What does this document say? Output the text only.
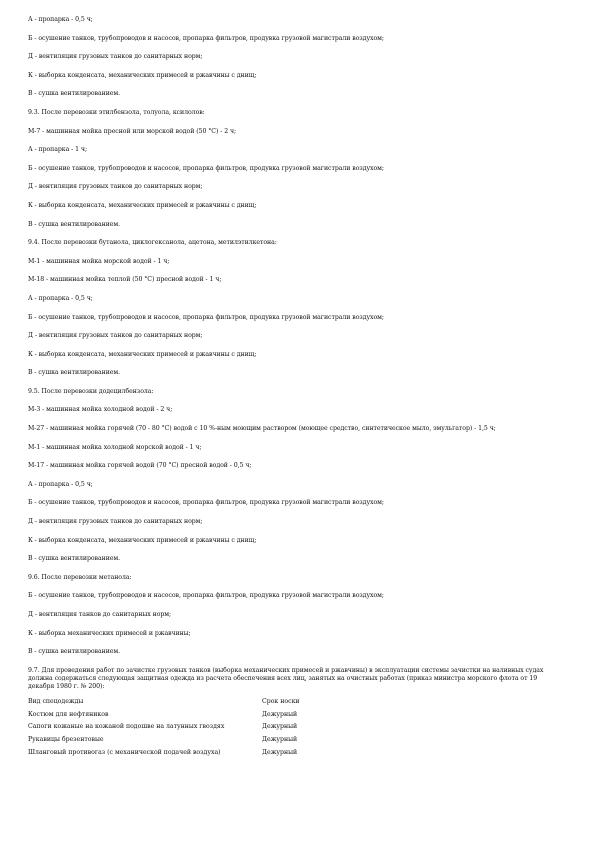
А - пропарка - 0,5 ч;

Б - осушение танков, трубопроводов и насосов, пропарка фильтров, продувка грузовой магистрали воздухом;

Д - вентиляция грузовых танков до санитарных норм;

К - выборка конденсата, механических примесей и ржавчины с днищ;

В - сушка вентилированием.

9.3. После перевозки этилбензола, толуола, ксилолов:

М-7 - машинная мойка пресной или морской водой (50 °С) - 2 ч;

А - пропарка - 1 ч;

Б - осушение танков, трубопроводов и насосов, пропарка фильтров, продувка грузовой магистрали воздухом;

Д - вентиляция грузовых танков до санитарных норм;

К - выборка конденсата, механических примесей и ржавчины с днищ;

В - сушка вентилированием.

9.4. После перевозки бутанола, циклогексанола, ацетона, метилэтилкетона:

М-1 - машинная мойка морской водой - 1 ч;

М-18 - машинная мойка теплой (50 °С) пресной водой - 1 ч;

А - пропарка - 0,5 ч;

Б - осушение танков, трубопроводов и насосов, пропарка фильтров, продувка грузовой магистрали воздухом;

Д - вентиляция грузовых танков до санитарных норм;

К - выборка конденсата, механических примесей и ржавчины с днищ;

В - сушка вентилированием.

9.5. После перевозки додецилбензола:

М-3 - машинная мойка холодной водой - 2 ч;

М-27 - машинная мойка горячей (70 - 80 °С) водой с 10 %-ным моющим раствором (моющее средство, синтетическое мыло, эмульгатор) - 1,5 ч;

М-1 - машинная мойка холодной морской водой - 1 ч;

М-17 - машинная мойка горячей водой (70 °С) пресной водой - 0,5 ч;

А - пропарка - 0,5 ч;

Б - осушение танков, трубопроводов и насосов, пропарка фильтров, продувка грузовой магистрали воздухом;

Д - вентиляция грузовых танков до санитарных норм;

К - выборка конденсата, механических примесей и ржавчины с днищ;

В - сушка вентилированием.

9.6. После перевозки метанола:

Б - осушение танков, трубопроводов и насосов, пропарка фильтров, продувка грузовой магистрали воздухом;

Д - вентиляция танков до санитарных норм;

К - выборка механических примесей и ржавчины;

В - сушка вентилированием.

9.7. Для проведения работ по зачистке грузовых танков (выборка механических примесей и ржавчины) в эксплуатации системы зачистки на наливных судах должна содержаться следующая защитная одежда из расчета обеспечения всех лиц, занятых на очистных работах (приказ министра морского флота от 19 декабря 1980 г. № 200):

Вид спецодежды	Срок носки
Костюм для нефтяников	Дежурный
Сапоги кожаные на кожаной подошве на латунных гвоздях	Дежурный
Рукавицы брезентовые	Дежурный
Шланговый противогаз (с механической подачей воздуха)	Дежурный
